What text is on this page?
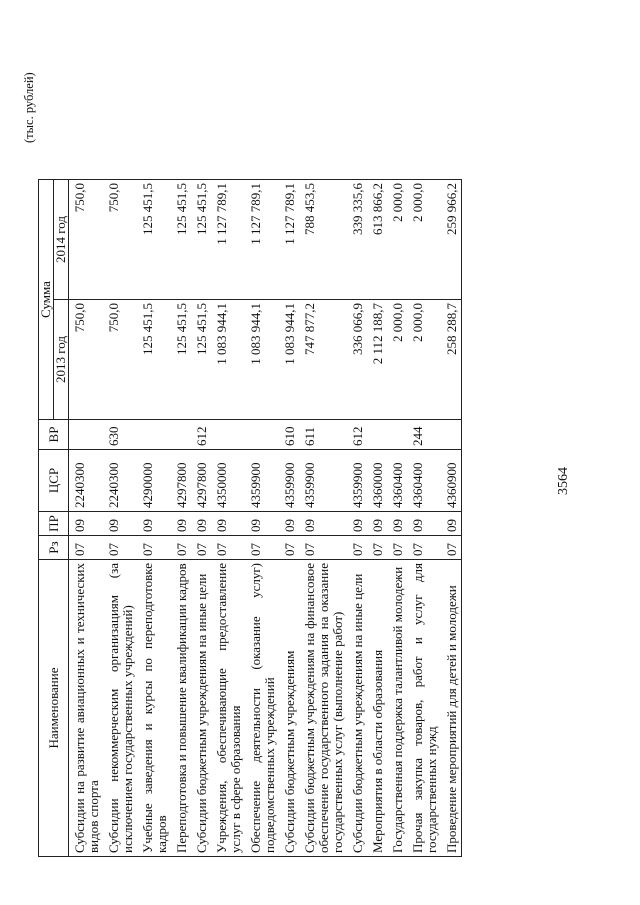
3564
(тыс. рублей)
Наименование	Рз	ПР	ЦСР	ВР	Сумма	
					2013 год	2014 год
Субсидии на развитие авиационных и технических видов спорта	07	09	2240300		750,0	750,0
Субсидии некоммерческим организациям (за исключением государственных учреждений)	07	09	2240300	630	750,0	750,0
Учебные заведения и курсы по переподготовке кадров	07	09	4290000		125 451,5	125 451,5
Переподготовка и повышение квалификации кадров	07	09	4297800		125 451,5	125 451,5
Субсидии бюджетным учреждениям на иные цели	07	09	4297800	612	125 451,5	125 451,5
Учреждения, обеспечивающие предоставление услуг в сфере образования	07	09	4350000		1 083 944,1	1 127 789,1
Обеспечение деятельности (оказание услуг) подведомственных учреждений	07	09	4359900		1 083 944,1	1 127 789,1
Субсидии бюджетным учреждениям	07	09	4359900	610	1 083 944,1	1 127 789,1
Субсидии бюджетным учреждениям на финансовое обеспечение государственного задания на оказание государственных услуг (выполнение работ)	07	09	4359900	611	747 877,2	788 453,5
Субсидии бюджетным учреждениям на иные цели	07	09	4359900	612	336 066,9	339 335,6
Мероприятия в области образования	07	09	4360000		2 112 188,7	613 866,2
Государственная поддержка талантливой молодежи	07	09	4360400		2 000,0	2 000,0
Прочая закупка товаров, работ и услуг для государственных нужд	07	09	4360400	244	2 000,0	2 000,0
Проведение мероприятий для детей и молодежи	07	09	4360900		258 288,7	259 966,2
